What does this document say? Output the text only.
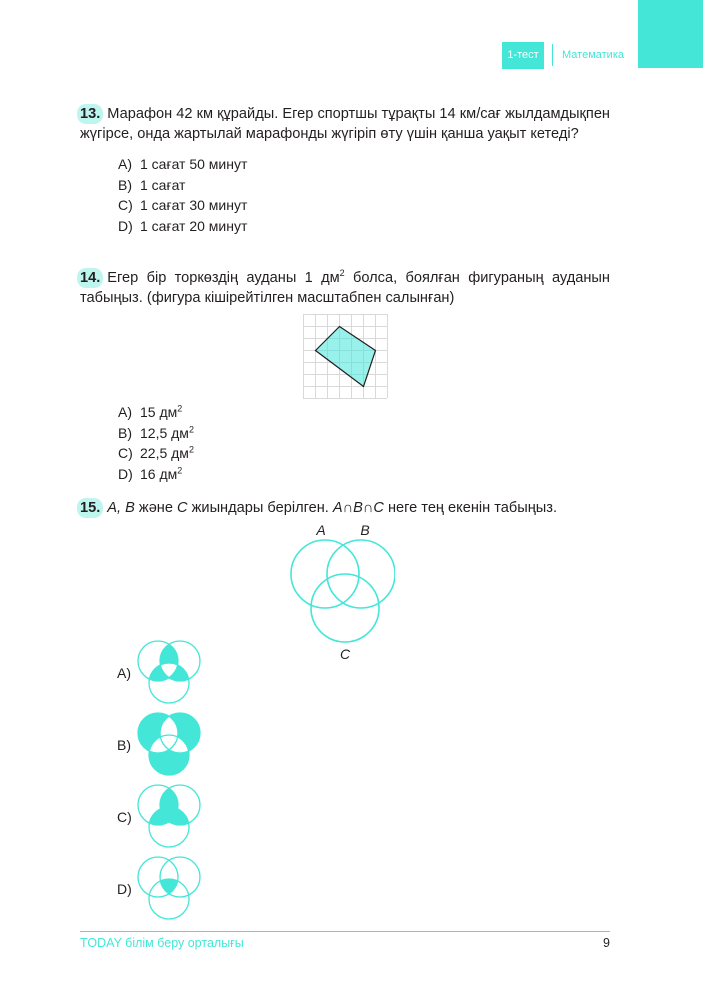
1-тест	Математика
13. Марафон 42 км құрайды. Егер спортшы тұрақты 14 км/сағ жылдамдықпен жүгірсе, онда жартылай марафонды жүгіріп өту үшін қанша уақыт кетеді?
A) 1 сағат 50 минут
B) 1 сағат
C) 1 сағат 30 минут
D) 1 сағат 20 минут
14. Егер бір торкөздің ауданы 1 $дм^2$ болса, боялған фигураның ауданын табыңыз. (фигура кішірейтілген масштабпен салынған)
A) 15 $дм^2$
B) 12,5 $дм^2$
C) 22,5 $дм^2$
D) 16 $дм^2$
15. A, B және C жиындары берілген. A∩B∩C неге тең екенін табыңыз.
A B
C
A)
B)
C)
D)
TODAY білім беру орталығы	9
